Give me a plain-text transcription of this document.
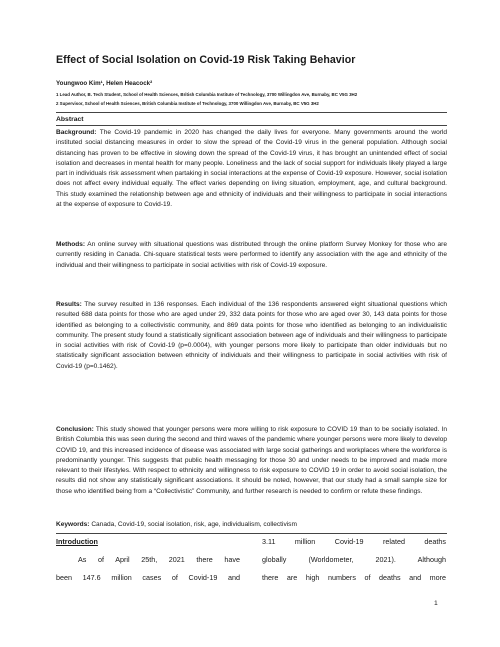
Effect of Social Isolation on Covid-19 Risk Taking Behavior
Youngwoo Kim¹, Helen Heacock²
1 Lead Author, B. Tech Student, School of Health Sciences, British Columbia Institute of Technology, 3700 Willingdon Ave, Burnaby, BC V5G 3H2
2 Supervisor, School of Health Sciences, British Columbia Institute of Technology, 3700 Willingdon Ave, Burnaby, BC V5G 3H2
Abstract
Background: The Covid-19 pandemic in 2020 has changed the daily lives for everyone. Many governments around the world instituted social distancing measures in order to slow the spread of the Covid-19 virus in the general population. Although social distancing has proven to be effective in slowing down the spread of the Covid-19 virus, it has brought an unintended effect of social isolation and decreases in mental health for many people. Loneliness and the lack of social support for individuals likely played a large part in individuals risk assessment when partaking in social interactions at the expense of Covid-19 exposure. However, social isolation does not affect every individual equally. The effect varies depending on living situation, employment, age, and cultural background. This study examined the relationship between age and ethnicity of individuals and their willingness to participate in social interactions at the expense of exposure to Covid-19.
Methods: An online survey with situational questions was distributed through the online platform Survey Monkey for those who are currently residing in Canada. Chi-square statistical tests were performed to identify any association with the age and ethnicity of the individual and their willingness to participate in social activities with risk of Covid-19 exposure.
Results: The survey resulted in 136 responses. Each individual of the 136 respondents answered eight situational questions which resulted 688 data points for those who are aged under 29, 332 data points for those who are aged over 30, 143 data points for those identified as belonging to a collectivistic community, and 869 data points for those who identified as belonging to an individualistic community. The present study found a statistically significant association between age of individuals and their willingness to participate in social activities with risk of Covid-19 (p=0.0004), with younger persons more likely to participate than older individuals but no statistically significant association between ethnicity of individuals and their willingness to participate in social activities with risk of Covid-19 (p=0.1462).
Conclusion: This study showed that younger persons were more willing to risk exposure to COVID 19 than to be socially isolated. In British Columbia this was seen during the second and third waves of the pandemic where younger persons were more likely to develop COVID 19, and this increased incidence of disease was associated with large social gatherings and workplaces where the workforce is predominantly younger. This suggests that public health messaging for those 30 and under needs to be improved and made more relevant to their lifestyles. With respect to ethnicity and willingness to risk exposure to COVID 19 in order to avoid social isolation, the results did not show any statistically significant associations. It should be noted, however, that our study had a small sample size for those who identified being from a “Collectivistic” Community, and further research is needed to confirm or refute these findings.
Keywords: Canada, Covid-19, social isolation, risk, age, individualism, collectivism
Introduction
As of April 25th, 2021 there have
been 147.6 million cases of Covid-19 and
3.11 million Covid-19 related deaths
globally (Worldometer, 2021). Although
there are high numbers of deaths and more
1
